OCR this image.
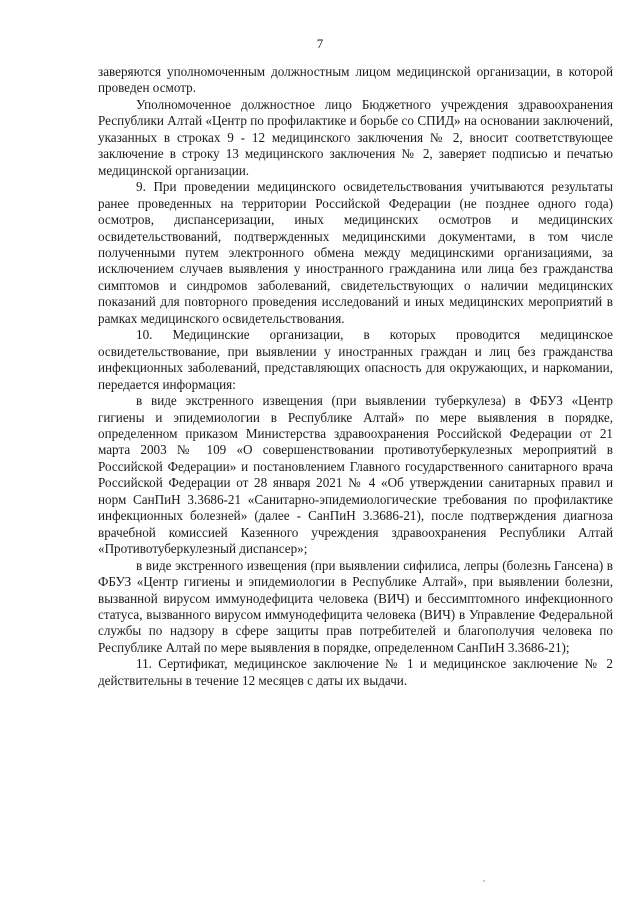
7

заверяются уполномоченным должностным лицом медицинской организации, в которой проведен осмотр.

Уполномоченное должностное лицо Бюджетного учреждения здравоохранения Республики Алтай «Центр по профилактике и борьбе со СПИД» на основании заключений, указанных в строках 9 - 12 медицинского заключения № 2, вносит соответствующее заключение в строку 13 медицинского заключения № 2, заверяет подписью и печатью медицинской организации.

9. При проведении медицинского освидетельствования учитываются результаты ранее проведенных на территории Российской Федерации (не позднее одного года) осмотров, диспансеризации, иных медицинских осмотров и медицинских освидетельствований, подтвержденных медицинскими документами, в том числе полученными путем электронного обмена между медицинскими организациями, за исключением случаев выявления у иностранного гражданина или лица без гражданства симптомов и синдромов заболеваний, свидетельствующих о наличии медицинских показаний для повторного проведения исследований и иных медицинских мероприятий в рамках медицинского освидетельствования.

10. Медицинские организации, в которых проводится медицинское освидетельствование, при выявлении у иностранных граждан и лиц без гражданства инфекционных заболеваний, представляющих опасность для окружающих, и наркомании, передается информация:

в виде экстренного извещения (при выявлении туберкулеза) в ФБУЗ «Центр гигиены и эпидемиологии в Республике Алтай» по мере выявления в порядке, определенном приказом Министерства здравоохранения Российской Федерации от 21 марта 2003 № 109 «О совершенствовании противотуберкулезных мероприятий в Российской Федерации» и постановлением Главного государственного санитарного врача Российской Федерации от 28 января 2021 № 4 «Об утверждении санитарных правил и норм СанПиН 3.3686-21 «Санитарно-эпидемиологические требования по профилактике инфекционных болезней» (далее - СанПиН 3.3686-21), после подтверждения диагноза врачебной комиссией Казенного учреждения здравоохранения Республики Алтай «Противотуберкулезный диспансер»;

в виде экстренного извещения (при выявлении сифилиса, лепры (болезнь Гансена) в ФБУЗ «Центр гигиены и эпидемиологии в Республике Алтай», при выявлении болезни, вызванной вирусом иммунодефицита человека (ВИЧ) и бессимптомного инфекционного статуса, вызванного вирусом иммунодефицита человека (ВИЧ) в Управление Федеральной службы по надзору в сфере защиты прав потребителей и благополучия человека по Республике Алтай по мере выявления в порядке, определенном СанПиН 3.3686-21);

11. Сертификат, медицинское заключение № 1 и медицинское заключение № 2 действительны в течение 12 месяцев с даты их выдачи.
